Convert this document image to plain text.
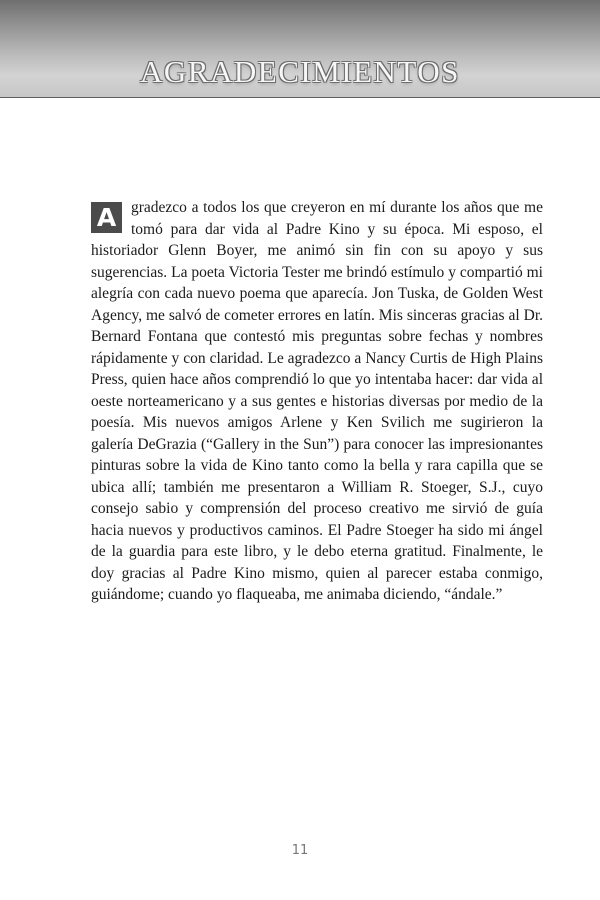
AGRADECIMIENTOS

A gradezco a todos los que creyeron en mí durante los años que me tomó para dar vida al Padre Kino y su época. Mi esposo, el historiador Glenn Boyer, me animó sin fin con su apoyo y sus sugerencias. La poeta Victoria Tester me brindó estímulo y compartió mi alegría con cada nuevo poema que aparecía. Jon Tuska, de Golden West Agency, me salvó de cometer errores en latín. Mis sinceras gracias al Dr. Bernard Fontana que contestó mis preguntas sobre fechas y nombres rápidamente y con claridad. Le agradezco a Nancy Curtis de High Plains Press, quien hace años comprendió lo que yo intentaba hacer: dar vida al oeste norteamericano y a sus gentes e historias diversas por medio de la poesía. Mis nuevos amigos Arlene y Ken Svilich me sugirieron la galería DeGrazia (“Gallery in the Sun”) para conocer las impresionantes pinturas sobre la vida de Kino tanto como la bella y rara capilla que se ubica allí; también me presentaron a William R. Stoeger, S.J., cuyo consejo sabio y comprensión del proceso creativo me sirvió de guía hacia nuevos y productivos caminos. El Padre Stoeger ha sido mi ángel de la guardia para este libro, y le debo eterna gratitud. Finalmente, le doy gracias al Padre Kino mismo, quien al parecer estaba conmigo, guiándome; cuando yo flaqueaba, me animaba diciendo, “ándale.”

11
